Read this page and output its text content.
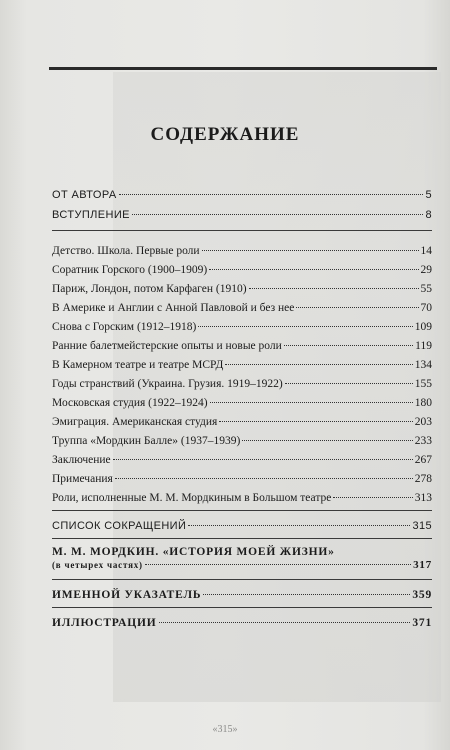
СОДЕРЖАНИЕ
ОТ АВТОРА	5
ВСТУПЛЕНИЕ	8
Детство. Школа. Первые роли	14
Соратник Горского (1900–1909)	29
Париж, Лондон, потом Карфаген (1910)	55
В Америке и Англии с Анной Павловой и без нее	70
Снова с Горским (1912–1918)	109
Ранние балетмейстерские опыты и новые роли	119
В Камерном театре и театре МСРД	134
Годы странствий (Украина. Грузия. 1919–1922)	155
Московская студия (1922–1924)	180
Эмиграция. Американская студия	203
Труппа «Мордкин Балле» (1937–1939)	233
Заключение	267
Примечания	278
Роли, исполненные М. М. Мордкиным в Большом театре	313
СПИСОК СОКРАЩЕНИЙ	315
М. М. МОРДКИН. «ИСТОРИЯ МОЕЙ ЖИЗНИ»
(в четырех частях)	317
ИМЕННОЙ УКАЗАТЕЛЬ	359
ИЛЛЮСТРАЦИИ	371
«315»
